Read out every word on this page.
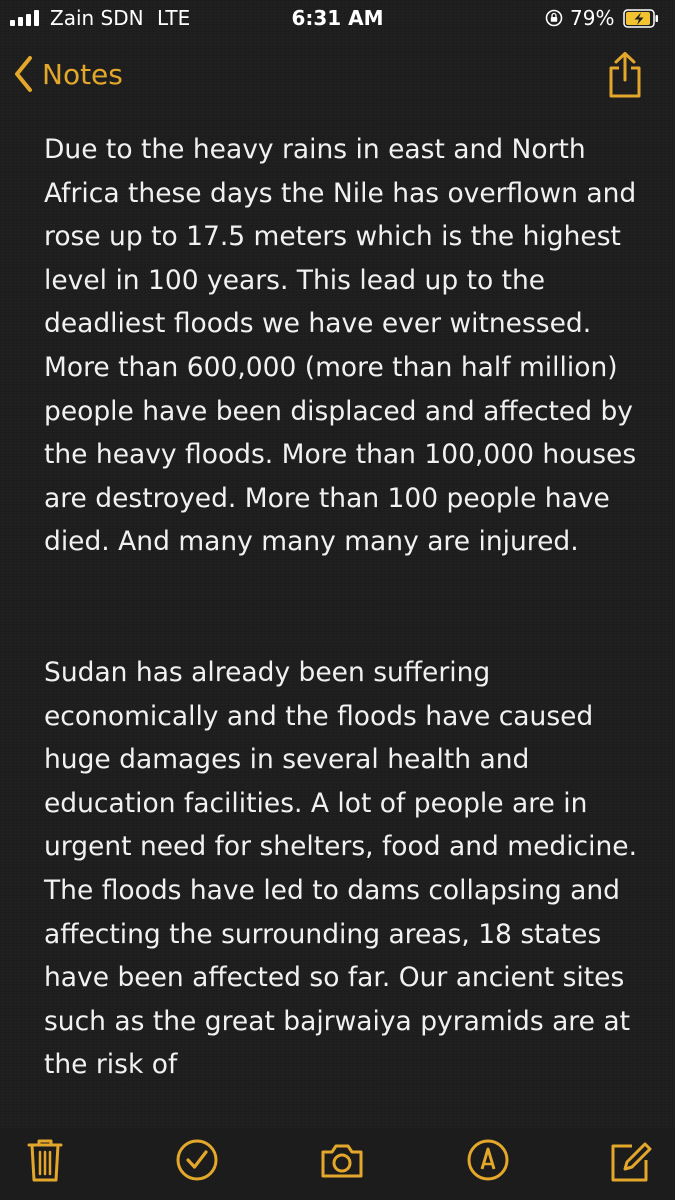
Zain SDN LTE	6:31 AM	79%
Notes

Due to the heavy rains in east and North Africa these days the Nile has overflown and rose up to 17.5 meters which is the highest level in 100 years. This lead up to the deadliest floods we have ever witnessed. More than 600,000 (more than half million) people have been displaced and affected by the heavy floods. More than 100,000 houses are destroyed. More than 100 people have died. And many many many are injured.

Sudan has already been suffering economically and the floods have caused huge damages in several health and education facilities. A lot of people are in urgent need for shelters, food and medicine. The floods have led to dams collapsing and affecting the surrounding areas, 18 states have been affected so far. Our ancient sites such as the great bajrwaiya pyramids are at the risk of
